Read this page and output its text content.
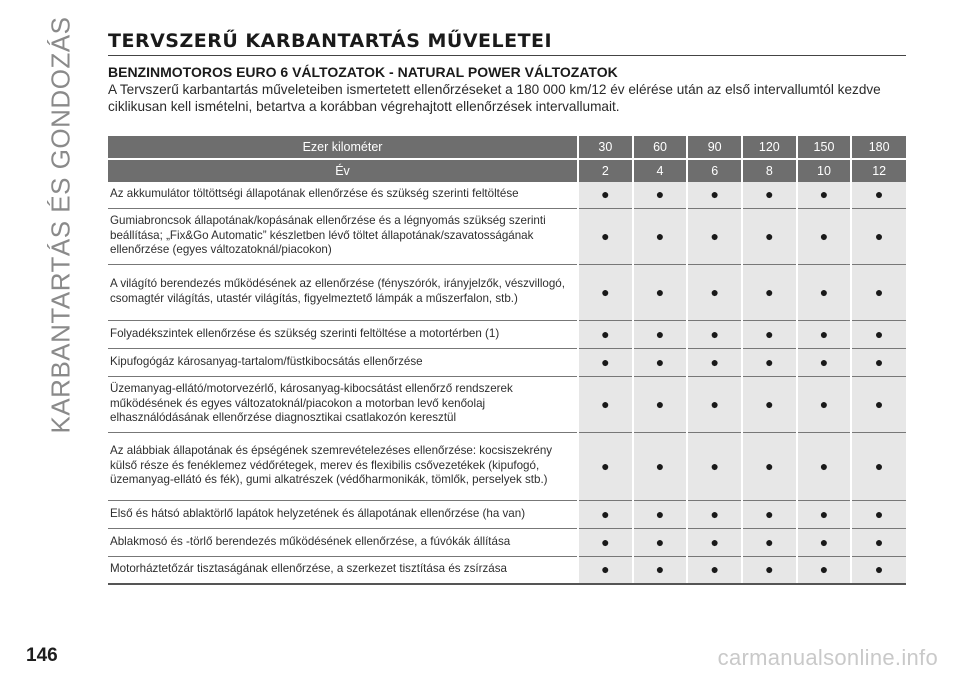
KARBANTARTÁS ÉS GONDOZÁS TERVSZERŰ KARBANTARTÁS MŰVELETEI
BENZINMOTOROS EURO 6 VÁLTOZATOK - NATURAL POWER VÁLTOZATOK
A Tervszerű karbantartás műveleteiben ismertetett ellenőrzéseket a 180 000 km/12 év elérése után az első intervallumtól kezdve ciklikusan kell ismételni, betartva a korábban végrehajtott ellenőrzések intervallumait.
Ezer kilométer	30	60	90	120	150	180
Év	2	4	6	8	10	12
Az akkumulátor töltöttségi állapotának ellenőrzése és szükség szerinti feltöltése	●	●	●	●	●	●
Gumiabroncsok állapotának/kopásának ellenőrzése és a légnyomás szükség szerinti beállítása; „Fix&Go Automatic” készletben lévő töltet állapotának/szavatosságának ellenőrzése (egyes változatoknál/piacokon)	●	●	●	●	●	●
A világító berendezés működésének az ellenőrzése (fényszórók, irányjelzők, vészvillogó, csomagtér világítás, utastér világítás, figyelmeztető lámpák a műszerfalon, stb.)	●	●	●	●	●	●
Folyadékszintek ellenőrzése és szükség szerinti feltöltése a motortérben (1)	●	●	●	●	●	●
Kipufogógáz károsanyag-tartalom/füstkibocsátás ellenőrzése	●	●	●	●	●	●
Üzemanyag-ellátó/motorvezérlő, károsanyag-kibocsátást ellenőrző rendszerek működésének és egyes változatoknál/piacokon a motorban levő kenőolaj elhasználódásának ellenőrzése diagnosztikai csatlakozón keresztül	●	●	●	●	●	●
Az alábbiak állapotának és épségének szemrevételezéses ellenőrzése: kocsiszekrény külső része és fenéklemez védőrétegek, merev és flexibilis csővezetékek (kipufogó, üzemanyag-ellátó és fék), gumi alkatrészek (védőharmonikák, tömlők, perselyek stb.)	●	●	●	●	●	●
Első és hátsó ablaktörlő lapátok helyzetének és állapotának ellenőrzése (ha van)	●	●	●	●	●	●
Ablakmosó és -törlő berendezés működésének ellenőrzése, a fúvókák állítása	●	●	●	●	●	●
Motorháztetőzár tisztaságának ellenőrzése, a szerkezet tisztítása és zsírzása	●	●	●	●	●	●
146	carmanualsonline.info
